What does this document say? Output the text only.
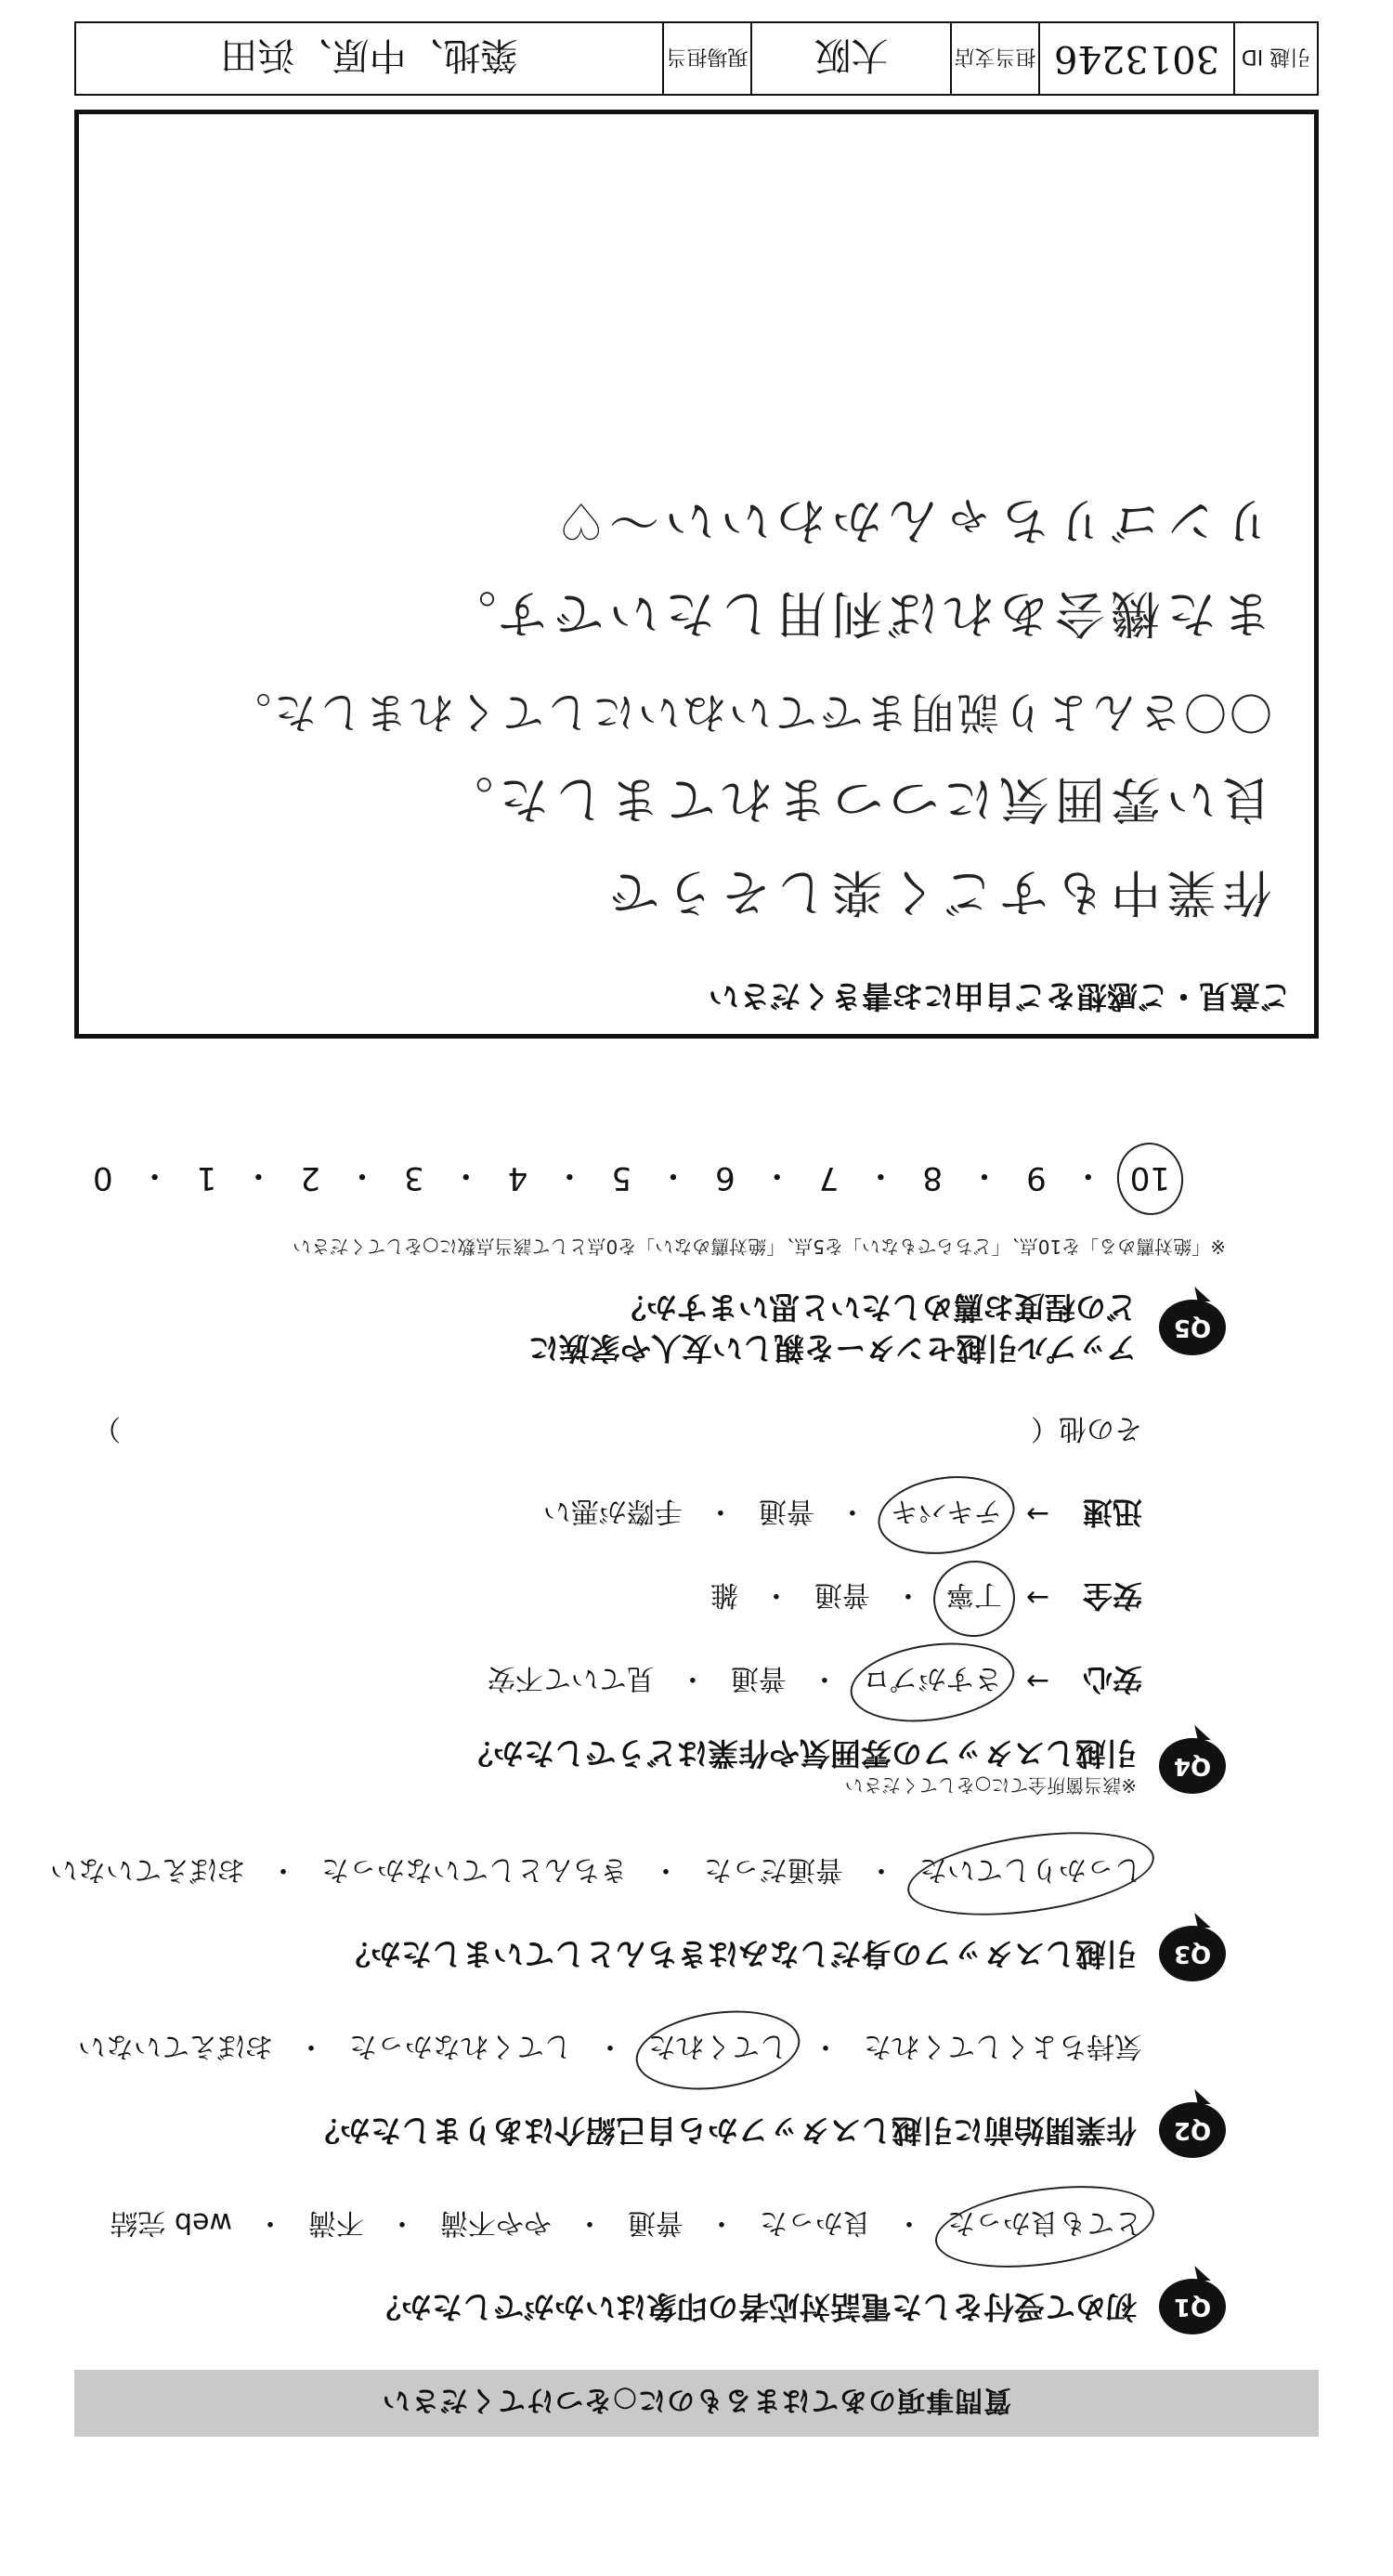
質問事項のあてはまるものに○をつけてください
Q1
初めて受付をした電話対応者の印象はいかがでしたか？
とても良かった
・
良かった
・
普通
・
やや不満
・
不満
・
web 完結
Q2
作業開始前に引越しスタッフから自己紹介はありましたか？
気持ちよくしてくれた
・
してくれた
・
してくれなかった
・
おぼえていない
Q3
引越しスタッフの身だしなみはきちんとしていましたか？
しっかりしていた
・
普通だった
・
きちんとしていなかった
・
おぼえていない
Q4
※該当箇所全てに○をしてください
引越しスタッフの雰囲気や作業はどうでしたか？
安心
→
さすがプロ
・
普通
・
見ていて不安
安全
→
丁寧
・
普通
・
雑
迅速
→
テキパキ
・
普通
・
手際が悪い
その他（
）
Q5
アップル引越センターを親しい友人や家族に
どの程度お薦めしたいと思いますか？
※「絶対薦める」を10点、「どちらでもない」を5点、「絶対薦めない」を0点として該当点数に○をしてください
10
・
9
・
8
・
7
・
6
・
5
・
4
・
3
・
2
・
1
・
0
ご意見・ご感想をご自由にお書きください
作業中もすごく楽しそうで
良い雰囲気につつまれてました。
〇〇さんより説明までていねいにしてくれました。
また機会あれば利用したいです。
リンゴリちゃんかわいい～♡
引越 ID
3013246
担当支店
大阪
現場担当
築地、中原、浜田
